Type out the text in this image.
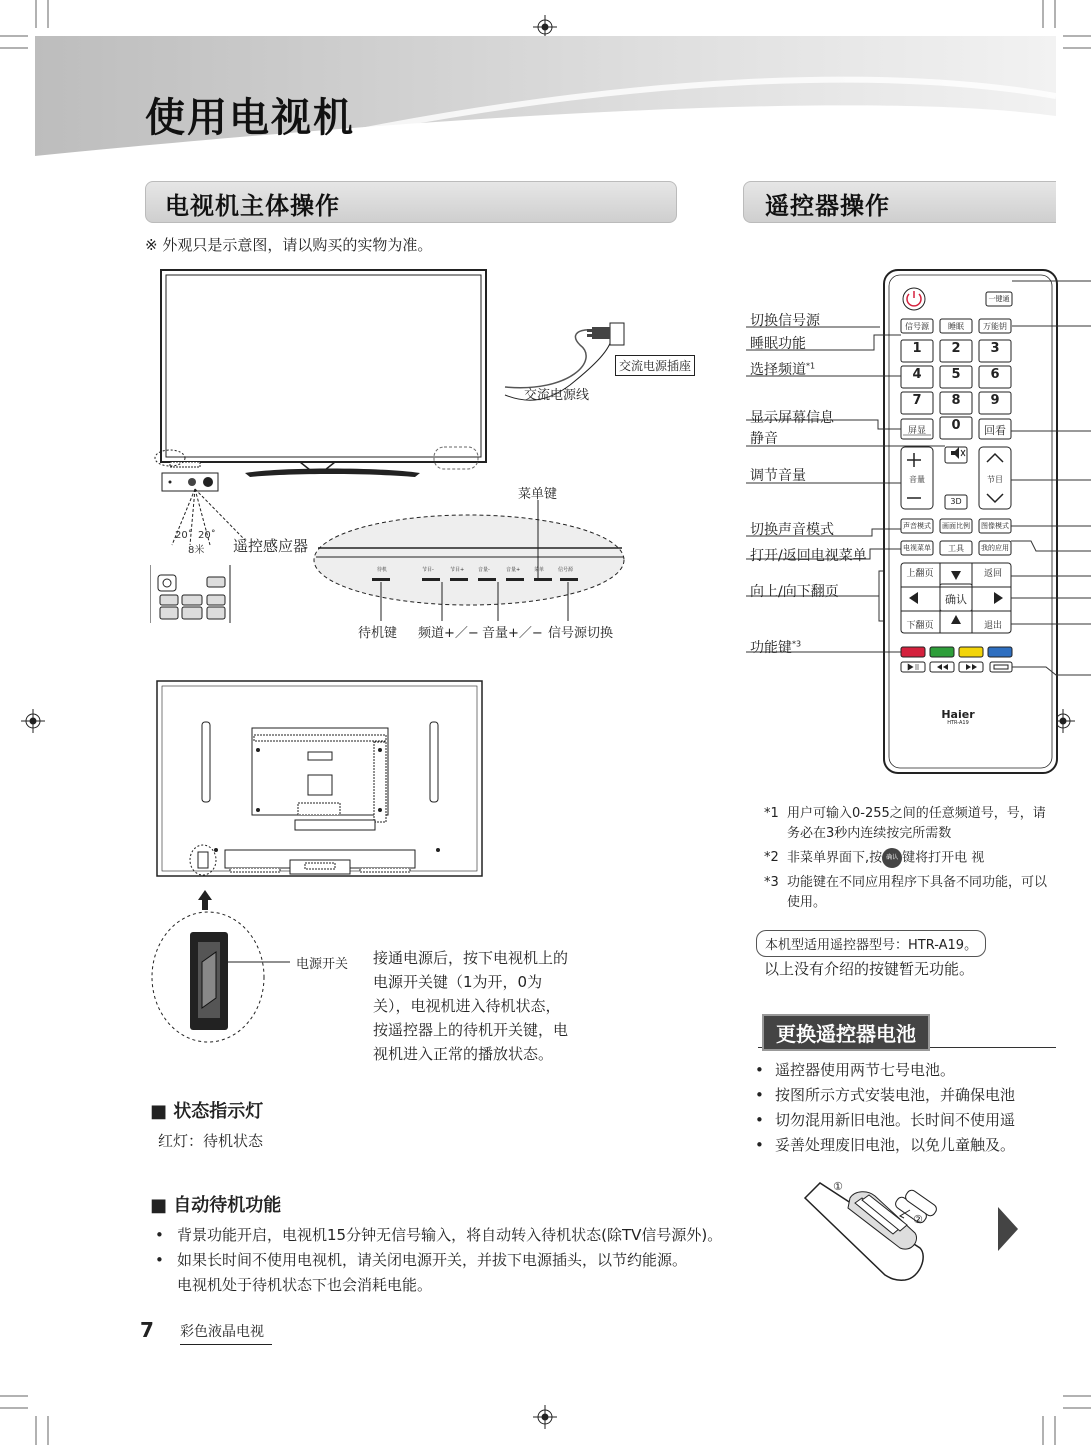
使用电视机
电视机主体操作
※ 外观只是示意图，请以购买的实物为准。
交流电源插座
交流电源线
菜单键
20˚ 20˚
8米 遥控感应器
待机	节目-	节目+	音量-	音量+	菜单	信号源
待机键 频道+／− 音量+／− 信号源切换
电源开关 接通电源后，按下电视机上的电源开关键（1为开，0为关），电视机进入待机状态，按遥控器上的待机开关键，电视机进入正常的播放状态。
■ 状态指示灯
红灯：待机状态
■ 自动待机功能
• 背景功能开启，电视机15分钟无信号输入，将自动转入待机状态(除TV信号源外)。
• 如果长时间不使用电视机，请关闭电源开关，并拔下电源插头，以节约能源。
电视机处于待机状态下也会消耗电能。
7 彩色液晶电视
遥控器操作
一键通
信号源	睡眠	万能钥
1	2	3
4	5	6
7	8	9
屏显	0	回看
音量	节目
3D
声音模式 画面比例 图像模式
电视菜单	工具	我的应用
上翻页	返回
确认
下翻页	退出
Haier
HTR-A19
切换信号源
睡眠功能
选择频道$^{*1}$
显示屏幕信息
静音
调节音量
切换声音模式
打开/返回电视菜单
向上/向下翻页
功能键$^{*3}$
*1 用户可输入0-255之间的任意频道号，号，请务必在3秒内连续按完所需数
*2 非菜单界面下,按 确认 键将打开电 视
*3 功能键在不同应用程序下具备不同功能，可以使用。
本机型适用遥控器型号：HTR-A19。
以上没有介绍的按键暂无功能。
更换遥控器电池
• 遥控器使用两节七号电池。
• 按图所示方式安装电池，并确保电池
• 切勿混用新旧电池。长时间不使用遥
• 妥善处理废旧电池，以免儿童触及。
①
②
